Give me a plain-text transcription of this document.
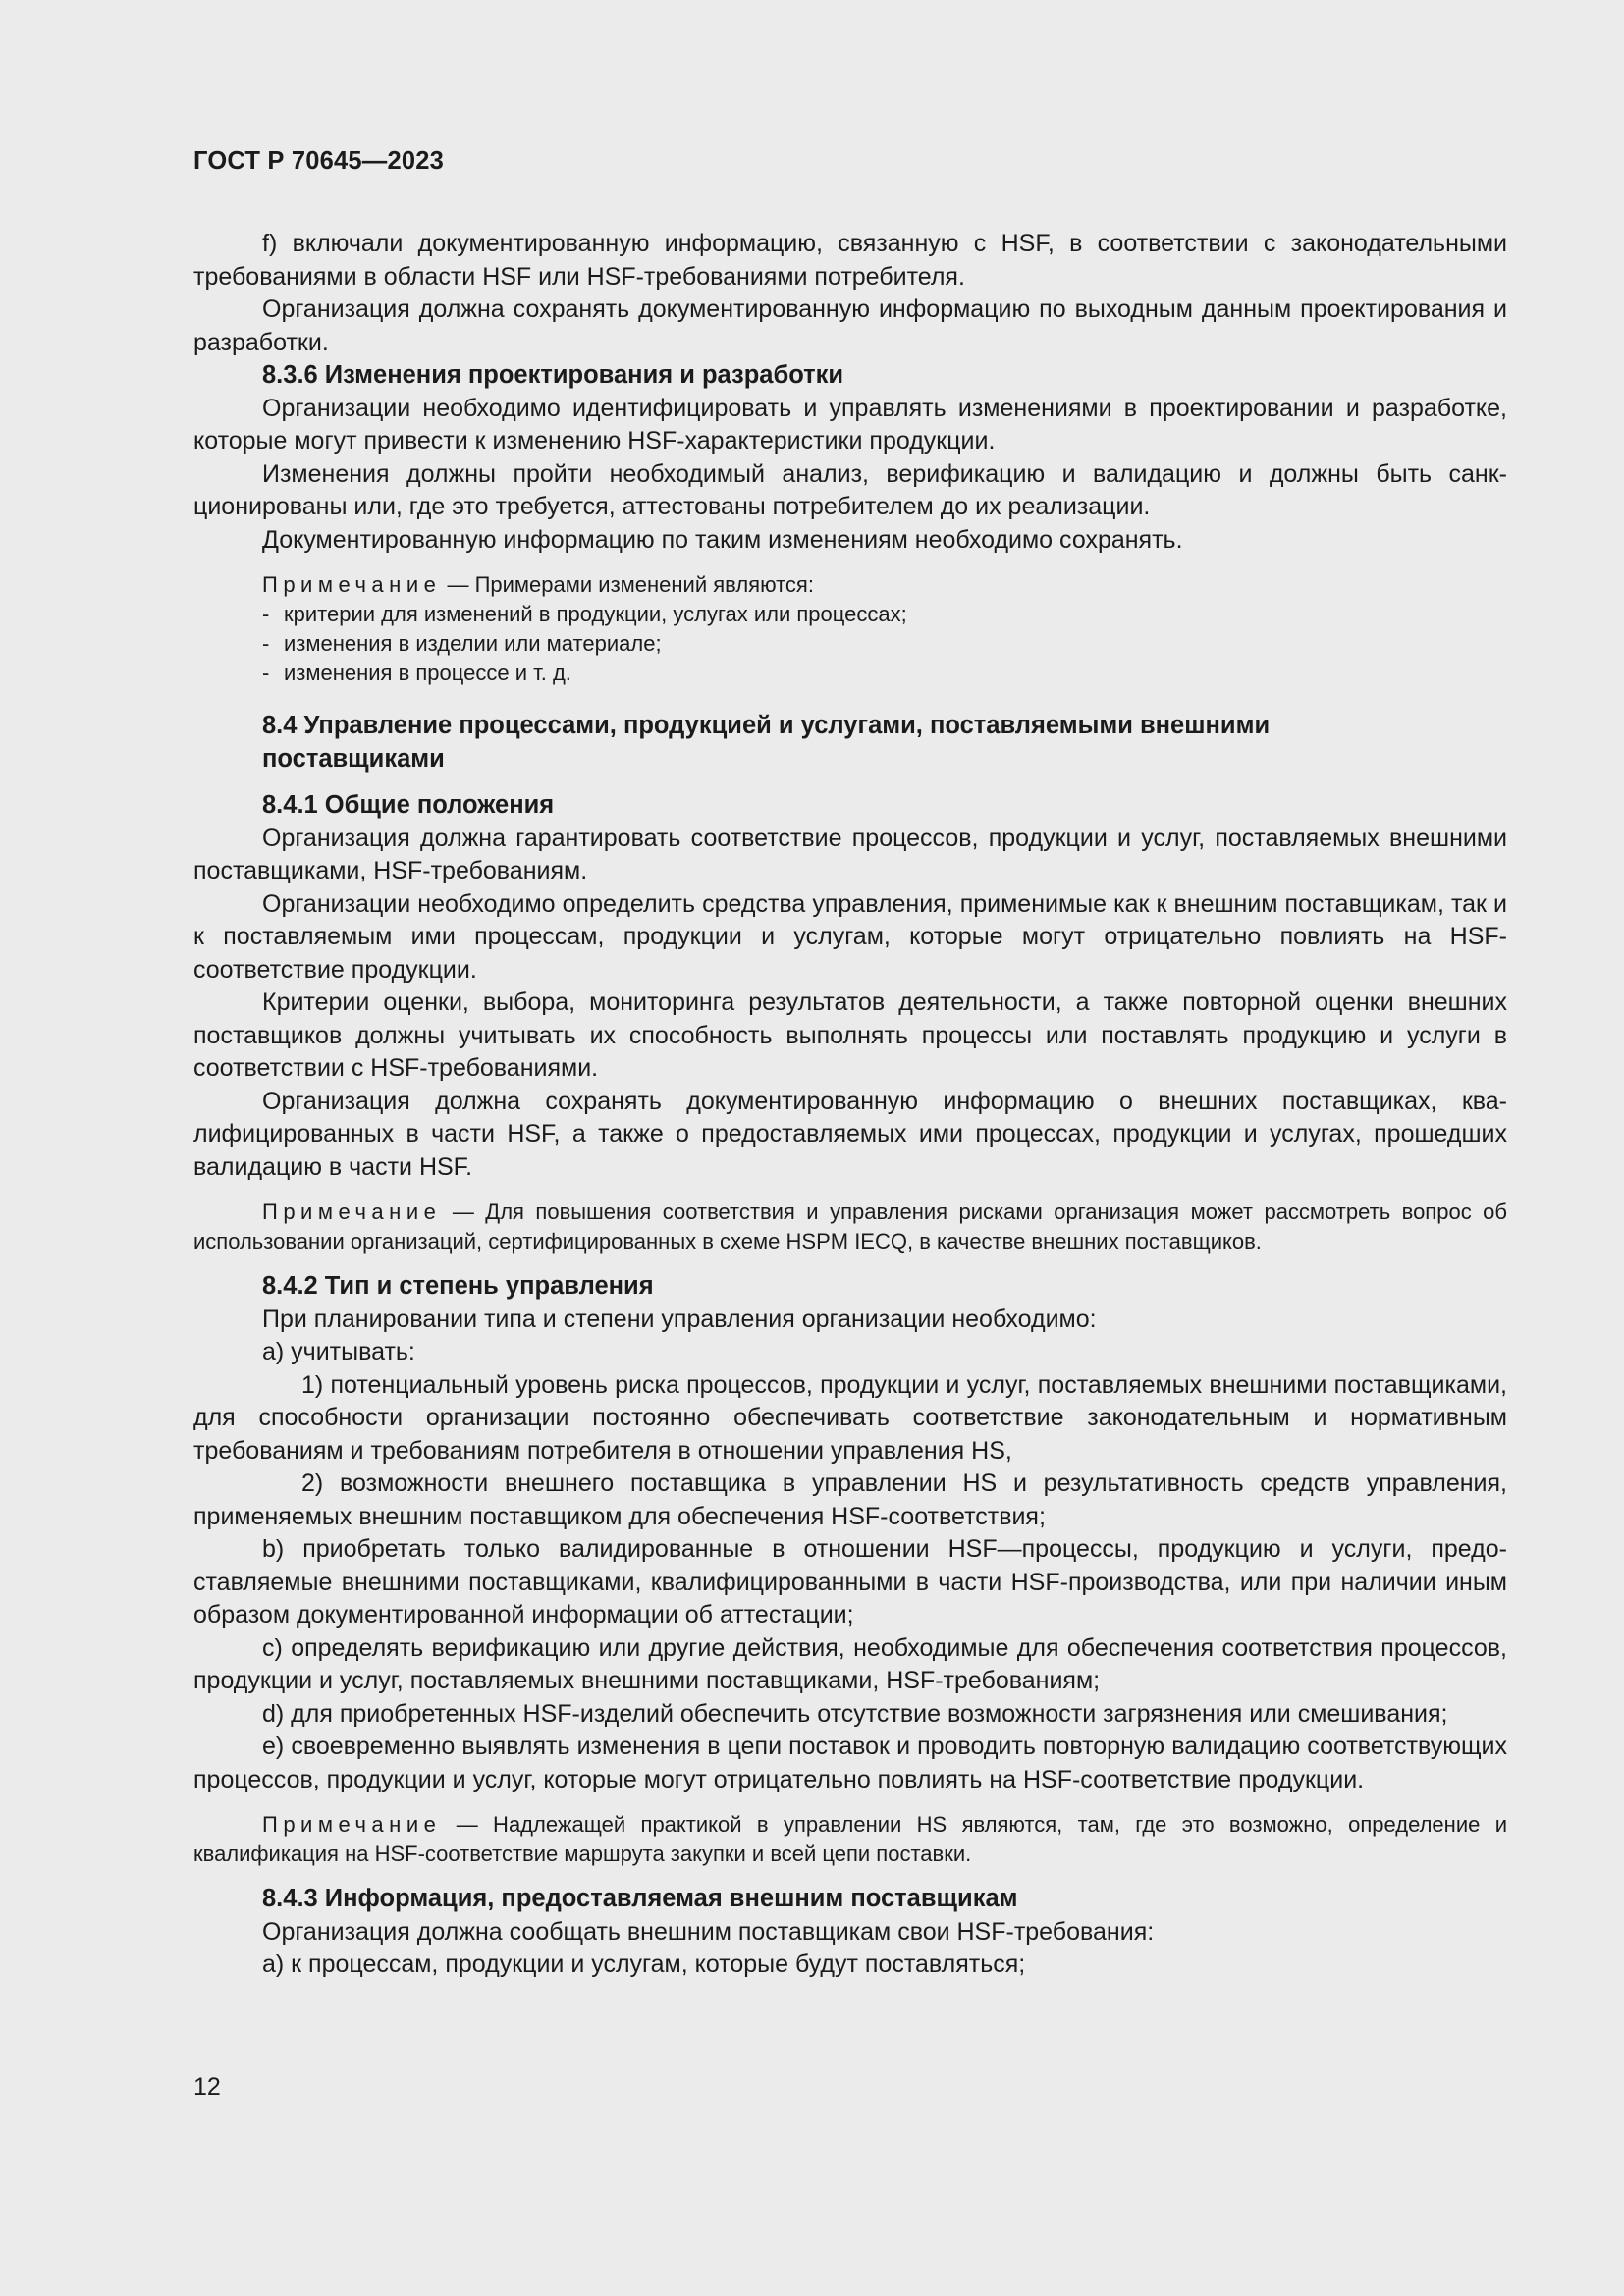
ГОСТ Р 70645—2023

f) включали документированную информацию, связанную с HSF, в соответствии с законодательными требованиями в области HSF или HSF-требованиями потребителя.

Организация должна сохранять документированную информацию по выходным данным проектирования и разработки.

8.3.6 Изменения проектирования и разработки

Организации необходимо идентифицировать и управлять изменениями в проектировании и разработке, которые могут привести к изменению HSF-характеристики продукции.

Изменения должны пройти необходимый анализ, верификацию и валидацию и должны быть санкционированы или, где это требуется, аттестованы потребителем до их реализации.

Документированную информацию по таким изменениям необходимо сохранять.

Примечание — Примерами изменений являются:
- критерии для изменений в продукции, услугах или процессах;
- изменения в изделии или материале;
- изменения в процессе и т. д.
8.4 Управление процессами, продукцией и услугами, поставляемыми внешними
поставщиками

8.4.1 Общие положения

Организация должна гарантировать соответствие процессов, продукции и услуг, поставляемых внешними поставщиками, HSF-требованиям.

Организации необходимо определить средства управления, применимые как к внешним поставщикам, так и к поставляемым ими процессам, продукции и услугам, которые могут отрицательно повлиять на HSF-соответствие продукции.

Критерии оценки, выбора, мониторинга результатов деятельности, а также повторной оценки внешних поставщиков должны учитывать их способность выполнять процессы или поставлять продукцию и услуги в соответствии с HSF-требованиями.

Организация должна сохранять документированную информацию о внешних поставщиках, квалифицированных в части HSF, а также о предоставляемых ими процессах, продукции и услугах, прошедших валидацию в части HSF.

Примечание — Для повышения соответствия и управления рисками организация может рассмотреть вопрос об использовании организаций, сертифицированных в схеме HSPM IECQ, в качестве внешних поставщиков.

8.4.2 Тип и степень управления

При планировании типа и степени управления организации необходимо:

a) учитывать:

1) потенциальный уровень риска процессов, продукции и услуг, поставляемых внешними поставщиками, для способности организации постоянно обеспечивать соответствие законодательным и нормативным требованиям и требованиям потребителя в отношении управления HS,

2) возможности внешнего поставщика в управлении HS и результативность средств управления, применяемых внешним поставщиком для обеспечения HSF-соответствия;

b) приобретать только валидированные в отношении HSF—процессы, продукцию и услуги, предоставляемые внешними поставщиками, квалифицированными в части HSF-производства, или при наличии иным образом документированной информации об аттестации;

c) определять верификацию или другие действия, необходимые для обеспечения соответствия процессов, продукции и услуг, поставляемых внешними поставщиками, HSF-требованиям;

d) для приобретенных HSF-изделий обеспечить отсутствие возможности загрязнения или смешивания;

e) своевременно выявлять изменения в цепи поставок и проводить повторную валидацию соответствующих процессов, продукции и услуг, которые могут отрицательно повлиять на HSF-соответствие продукции.

Примечание — Надлежащей практикой в управлении HS являются, там, где это возможно, определение и квалификация на HSF-соответствие маршрута закупки и всей цепи поставки.

8.4.3 Информация, предоставляемая внешним поставщикам

Организация должна сообщать внешним поставщикам свои HSF-требования:

a) к процессам, продукции и услугам, которые будут поставляться;

12
